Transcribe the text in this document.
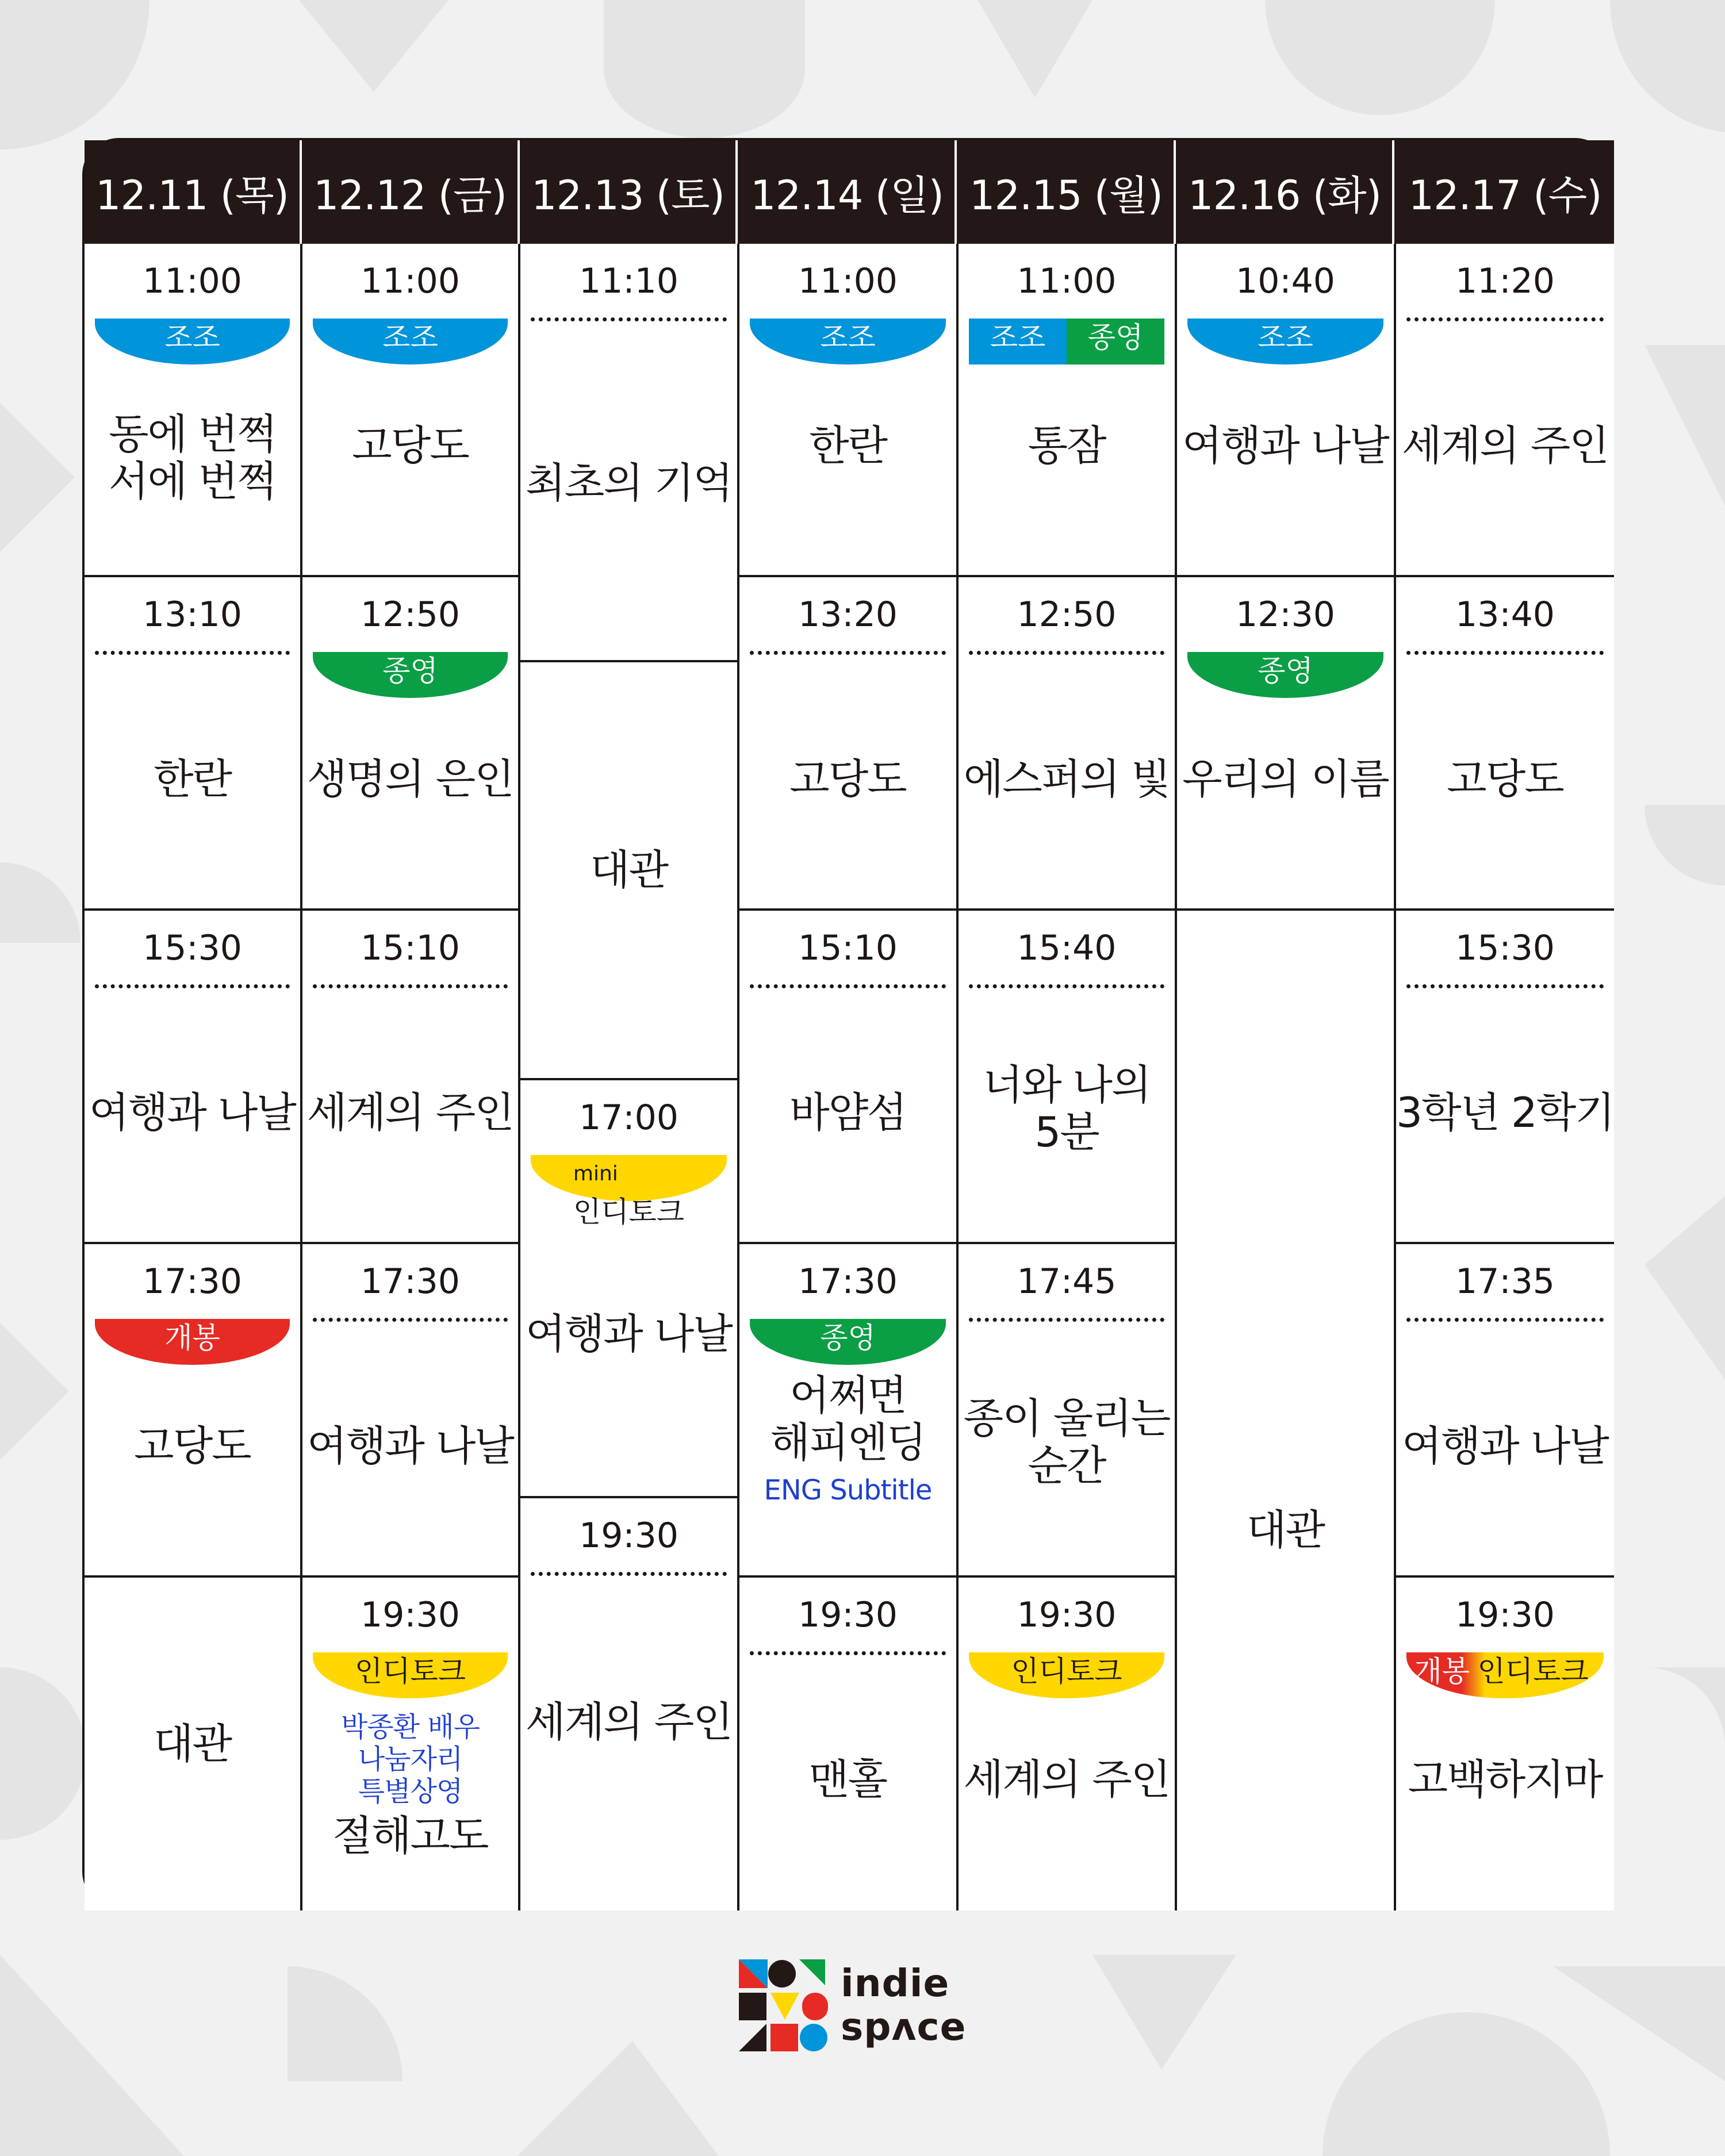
12.11 (목) 12.12 (금) 12.13 (토) 12.14 (일) 12.15 (월) 12.16 (화) 12.17 (수)
11:00
조조
동에 번쩍
서에 번쩍
13:10
한란
15:30
여행과 나날
17:30
개봉
고당도
대관
11:00
조조
고당도
12:50
종영
생명의 은인
15:10
세계의 주인
17:30
여행과 나날
19:30
인디토크
박종환 배우
나눔자리
특별상영
절해고도
11:10
최초의 기억
대관
17:00
mini
인디토크
여행과 나날
19:30
세계의 주인
11:00
조조
한란
13:20
고당도
15:10
바얌섬
17:30
종영
어쩌면
해피엔딩
ENG Subtitle
19:30
맨홀
11:00
조조	종영
통잠
12:50
에스퍼의 빛
15:40
너와 나의
5분
17:45
종이 울리는
순간
19:30
인디토크
세계의 주인
10:40
조조
여행과 나날
12:30
종영
우리의 이름
대관
11:20
세계의 주인
13:40
고당도
15:30
3학년 2학기
17:35
여행과 나날
19:30
개봉 인디토크
고백하지마
indie
spʌce
